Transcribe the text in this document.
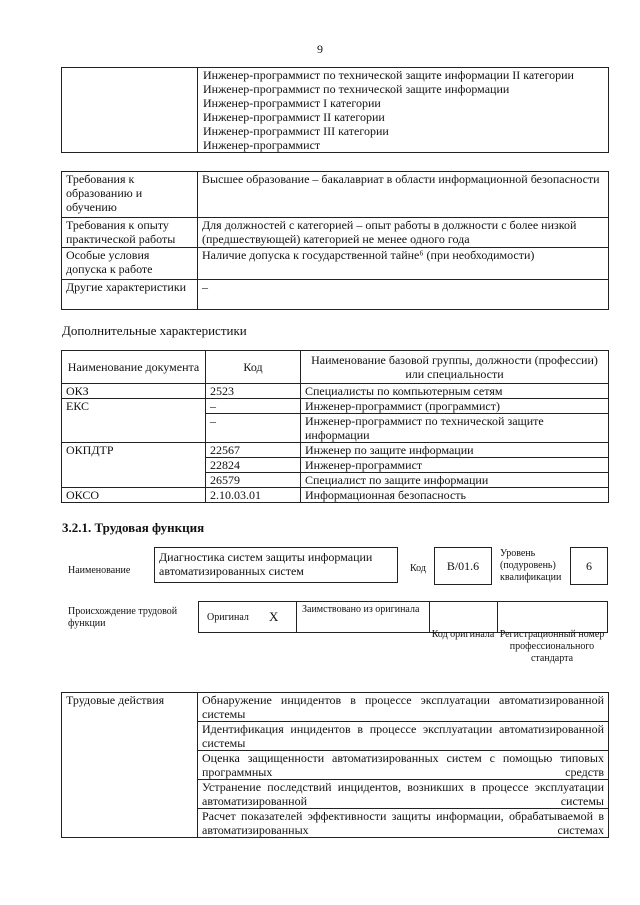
9

Инженер-программист по технической защите информации II категории
Инженер-программист по технической защите информации
Инженер-программист I категории
Инженер-программист II категории
Инженер-программист III категории
Инженер-программист
Требования к образованию и обучению	Высшее образование – бакалавриат в области информационной безопасности
Требования к опыту практической работы	Для должностей с категорией – опыт работы в должности с более низкой (предшествующей) категорией не менее одного года
Особые условия допуска к работе	Наличие допуска к государственной тайне⁶ (при необходимости)
Другие характеристики	–
Дополнительные характеристики
Наименование документа	Код	Наименование базовой группы, должности (профессии) или специальности
ОКЗ	2523	Специалисты по компьютерным сетям
ЕКС	–	Инженер-программист (программист)
	–	Инженер-программист по технической защите информации
ОКПДТР	22567	Инженер по защите информации
	22824	Инженер-программист
	26579	Специалист по защите информации
ОКСО	2.10.03.01	Информационная безопасность
3.2.1. Трудовая функция
Наименование
Диагностика систем защиты информации автоматизированных систем	Код	В/01.6
Уровень (подуровень) квалификации
6
Происхождение трудовой функции
Оригинал X Заимствовано из оригинала
Код оригинала Регистрационный номер профессионального стандарта
Трудовые действия	Обнаружение инцидентов в процессе эксплуатации автоматизированной системы
Идентификация инцидентов в процессе эксплуатации автоматизированной системы
Оценка защищенности автоматизированных систем с помощью типовых программных средств
Устранение последствий инцидентов, возникших в процессе эксплуатации автоматизированной системы
Расчет показателей эффективности защиты информации, обрабатываемой в автоматизированных системах
